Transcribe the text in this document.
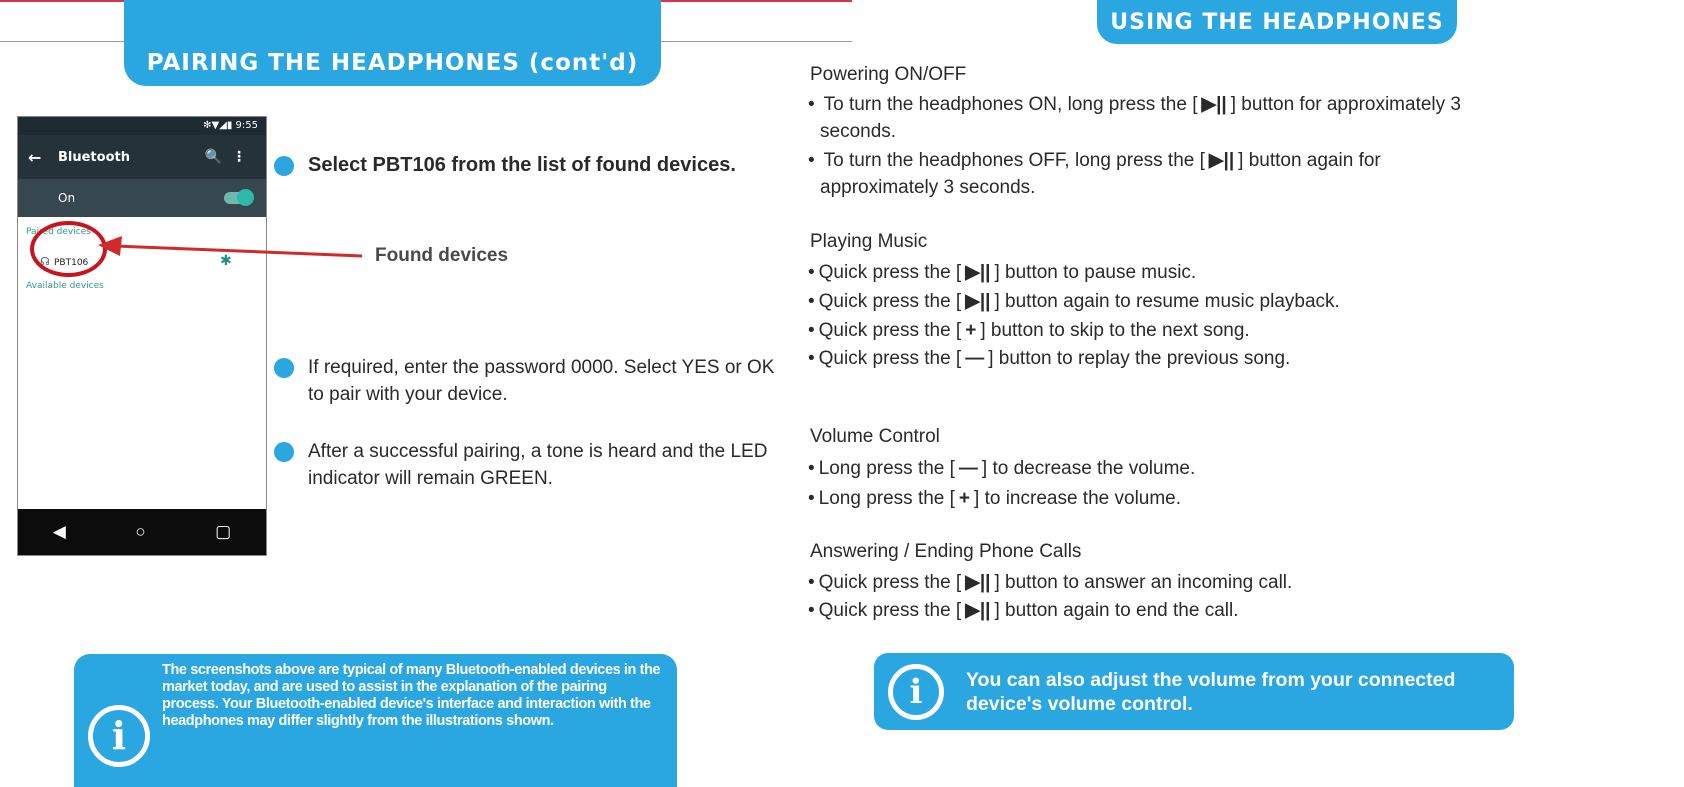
PAIRING THE HEADPHONES (cont'd)
✻▼◢▮ 9:55
←	Bluetooth	🔍⋮
On
Paired devices
☊ PBT106	✱
Available devices
◀	○	▢
Found devices
Select PBT106 from the list of found devices.
If required, enter the password 0000. Select YES or OK to pair with your device.
After a successful pairing, a tone is heard and the LED indicator will remain GREEN.
i
The screenshots above are typical of many Bluetooth-enabled devices in the market today, and are used to assist in the explanation of the pairing process. Your Bluetooth-enabled device's interface and interaction with the headphones may differ slightly from the illustrations shown.
USING THE HEADPHONES
Powering ON/OFF
• To turn the headphones ON, long press the [ ▶|| ] button for approximately 3
seconds.
• To turn the headphones OFF, long press the [ ▶|| ] button again for
approximately 3 seconds.
Playing Music
• Quick press the [ ▶|| ] button to pause music.
• Quick press the [ ▶|| ] button again to resume music playback.
• Quick press the [ + ] button to skip to the next song.
• Quick press the [ — ] button to replay the previous song.
Volume Control
• Long press the [ — ] to decrease the volume.
• Long press the [ + ] to increase the volume.
Answering / Ending Phone Calls
• Quick press the [ ▶|| ] button to answer an incoming call.
• Quick press the [ ▶|| ] button again to end the call.
i	You can also adjust the volume from your connected device's volume control.
